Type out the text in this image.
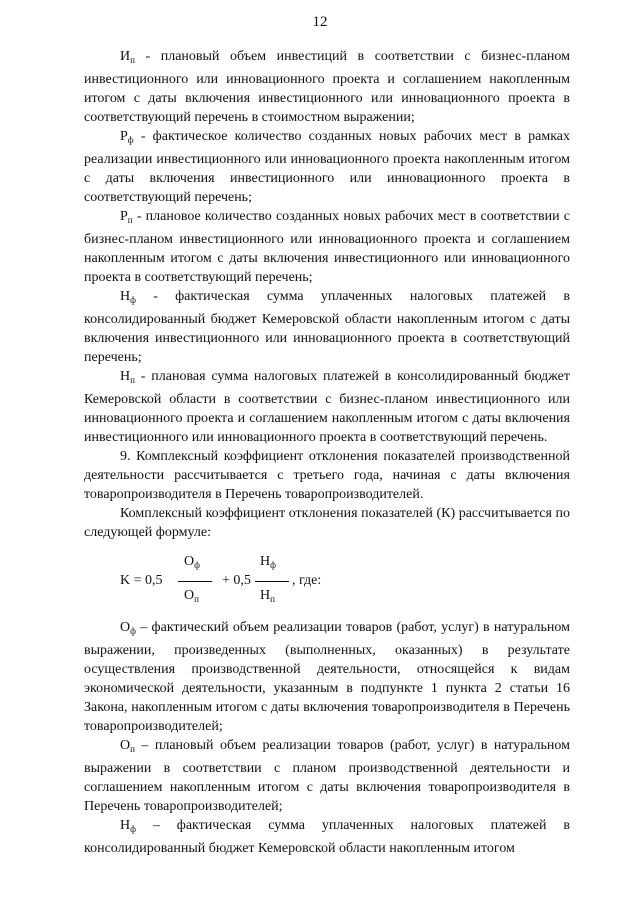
12

$И_п$ - плановый объем инвестиций в соответствии с бизнес-планом инвестиционного или инновационного проекта и соглашением накопленным итогом с даты включения инвестиционного или инновационного проекта в соответствующий перечень в стоимостном выражении;

$Р_ф$ - фактическое количество созданных новых рабочих мест в рамках реализации инвестиционного или инновационного проекта накопленным итогом с даты включения инвестиционного или инновационного проекта в соответствующий перечень;

$Р_п$ - плановое количество созданных новых рабочих мест в соответствии с бизнес-планом инвестиционного или инновационного проекта и соглашением накопленным итогом с даты включения инвестиционного или инновационного проекта в соответствующий перечень;

$Н_ф$ - фактическая сумма уплаченных налоговых платежей в консолидированный бюджет Кемеровской области накопленным итогом с даты включения инвестиционного или инновационного проекта в соответствующий перечень;

$Н_п$ - плановая сумма налоговых платежей в консолидированный бюджет Кемеровской области в соответствии с бизнес-планом инвестиционного или инновационного проекта и соглашением накопленным итогом с даты включения инвестиционного или инновационного проекта в соответствующий перечень.

9. Комплексный коэффициент отклонения показателей производственной деятельности рассчитывается с третьего года, начиная с даты включения товаропроизводителя в Перечень товаропроизводителей.

Комплексный коэффициент отклонения показателей (К) рассчитывается по следующей формуле:

K = 0,5
$О_ф$
$О_п$
+ 0,5
$Н_ф$
$Н_п$
, где:

$О_ф$ – фактический объем реализации товаров (работ, услуг) в натуральном выражении, произведенных (выполненных, оказанных) в результате осуществления производственной деятельности, относящейся к видам экономической деятельности, указанным в подпункте 1 пункта 2 статьи 16 Закона, накопленным итогом с даты включения товаропроизводителя в Перечень товаропроизводителей;

$О_п$ – плановый объем реализации товаров (работ, услуг) в натуральном выражении в соответствии с планом производственной деятельности и соглашением накопленным итогом с даты включения товаропроизводителя в Перечень товаропроизводителей;

$Н_ф$ – фактическая сумма уплаченных налоговых платежей в консолидированный бюджет Кемеровской области накопленным итогом
